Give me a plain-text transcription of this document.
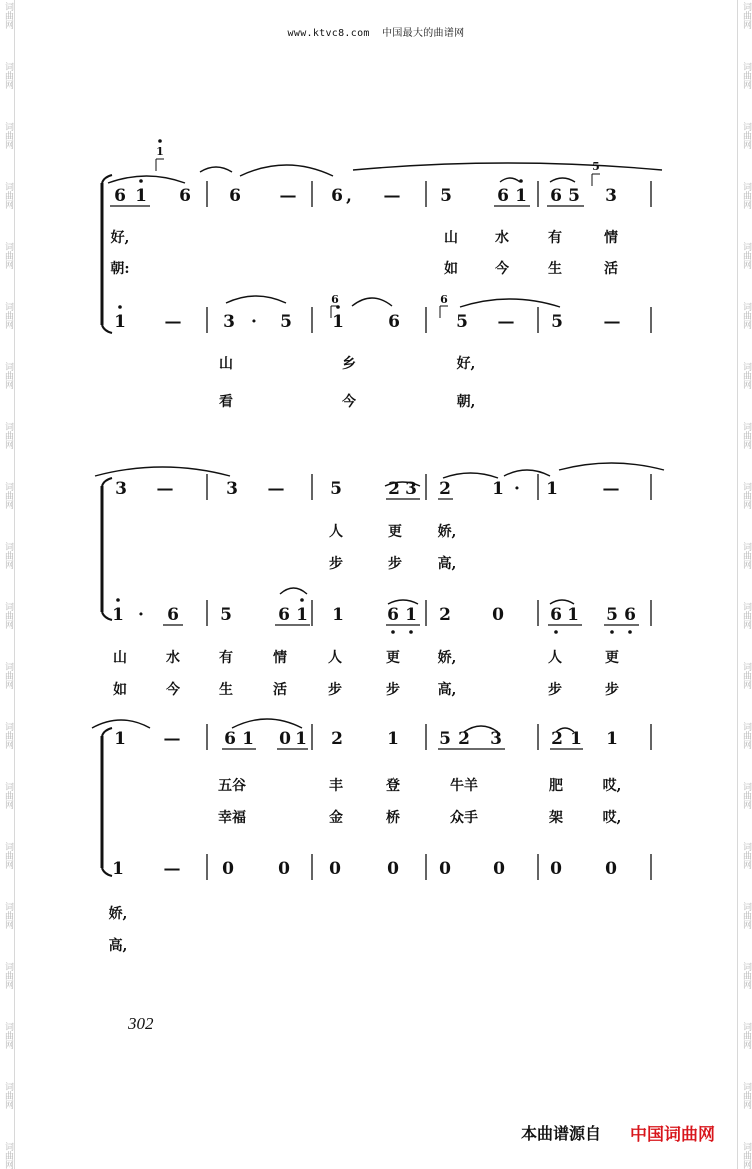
词曲网
词曲网
词曲网
词曲网
词曲网
词曲网
词曲网
词曲网
词曲网
词曲网
词曲网
词曲网
词曲网
词曲网
词曲网
词曲网
词曲网
词曲网
词曲网
词曲网
词曲网
词曲网
词曲网
词曲网
词曲网
词曲网
词曲网
词曲网
词曲网
词曲网
词曲网
词曲网
词曲网
词曲网
词曲网
词曲网
词曲网
词曲网
词曲网
词曲网
www.ktvc8.com 中国最大的曲谱网
6 1 6 6 — 6 , — 5	6 1 6 5 3
1
5
好,	山	水	有	情
朝:	如	今	生	活
1 — 3 · 5 1	6	5 — 5 —
6	6
山	乡	好,
看	今	朝,
3 —	3 —	5	2 3 2 1 · 1	—
人	更	娇,
步	步	高,
1 · 6 5	6 1 1	6 1 2 0	6 1 5 6
山	水	有	情	人	更	娇,	人	更
如	今	生	活	步	步	高,	步	步
1 —	6 1 0 1 2	1 5 2 3	2 1 1
五谷	丰	登	牛羊	肥	哎,
幸福	金	桥	众手	架	哎,
1 — 0	0 0	0 0 0	0	0
娇,
高,
302
本曲谱源自 中国词曲网
